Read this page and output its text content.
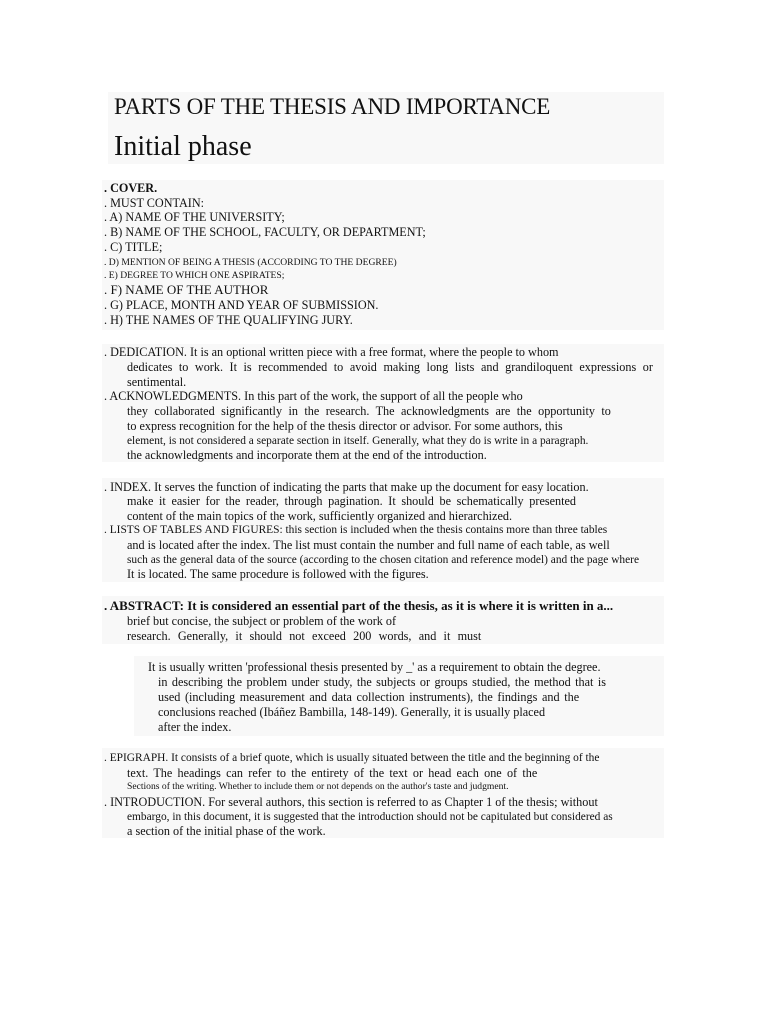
PARTS OF THE THESIS AND IMPORTANCE
Initial phase
. COVER.
. MUST CONTAIN:
. A) NAME OF THE UNIVERSITY;
. B) NAME OF THE SCHOOL, FACULTY, OR DEPARTMENT;
. C) TITLE;
. D) MENTION OF BEING A THESIS (ACCORDING TO THE DEGREE)
. E) DEGREE TO WHICH ONE ASPIRATES;
. F) NAME OF THE AUTHOR
. G) PLACE, MONTH AND YEAR OF SUBMISSION.
. H) THE NAMES OF THE QUALIFYING JURY.
. DEDICATION. It is an optional written piece with a free format, where the people to whom
dedicates to work. It is recommended to avoid making long lists and grandiloquent expressions or
sentimental.
. ACKNOWLEDGMENTS. In this part of the work, the support of all the people who
they collaborated significantly in the research. The acknowledgments are the opportunity to
to express recognition for the help of the thesis director or advisor. For some authors, this
element, is not considered a separate section in itself. Generally, what they do is write in a paragraph.
the acknowledgments and incorporate them at the end of the introduction.
. INDEX. It serves the function of indicating the parts that make up the document for easy location.
make it easier for the reader, through pagination. It should be schematically presented
content of the main topics of the work, sufficiently organized and hierarchized.
. LISTS OF TABLES AND FIGURES: this section is included when the thesis contains more than three tables
and is located after the index. The list must contain the number and full name of each table, as well
such as the general data of the source (according to the chosen citation and reference model) and the page where
It is located. The same procedure is followed with the figures.
. ABSTRACT: It is considered an essential part of the thesis, as it is where it is written in a...
brief but concise, the subject or problem of the work of
research. Generally, it should not exceed 200 words, and it must
It is usually written 'professional thesis presented by _' as a requirement to obtain the degree.
in describing the problem under study, the subjects or groups studied, the method that is
used (including measurement and data collection instruments), the findings and the
conclusions reached (Ibáñez Bambilla, 148-149). Generally, it is usually placed
after the index.
. EPIGRAPH. It consists of a brief quote, which is usually situated between the title and the beginning of the
text. The headings can refer to the entirety of the text or head each one of the
Sections of the writing. Whether to include them or not depends on the author's taste and judgment.
. INTRODUCTION. For several authors, this section is referred to as Chapter 1 of the thesis; without
embargo, in this document, it is suggested that the introduction should not be capitulated but considered as
a section of the initial phase of the work.
